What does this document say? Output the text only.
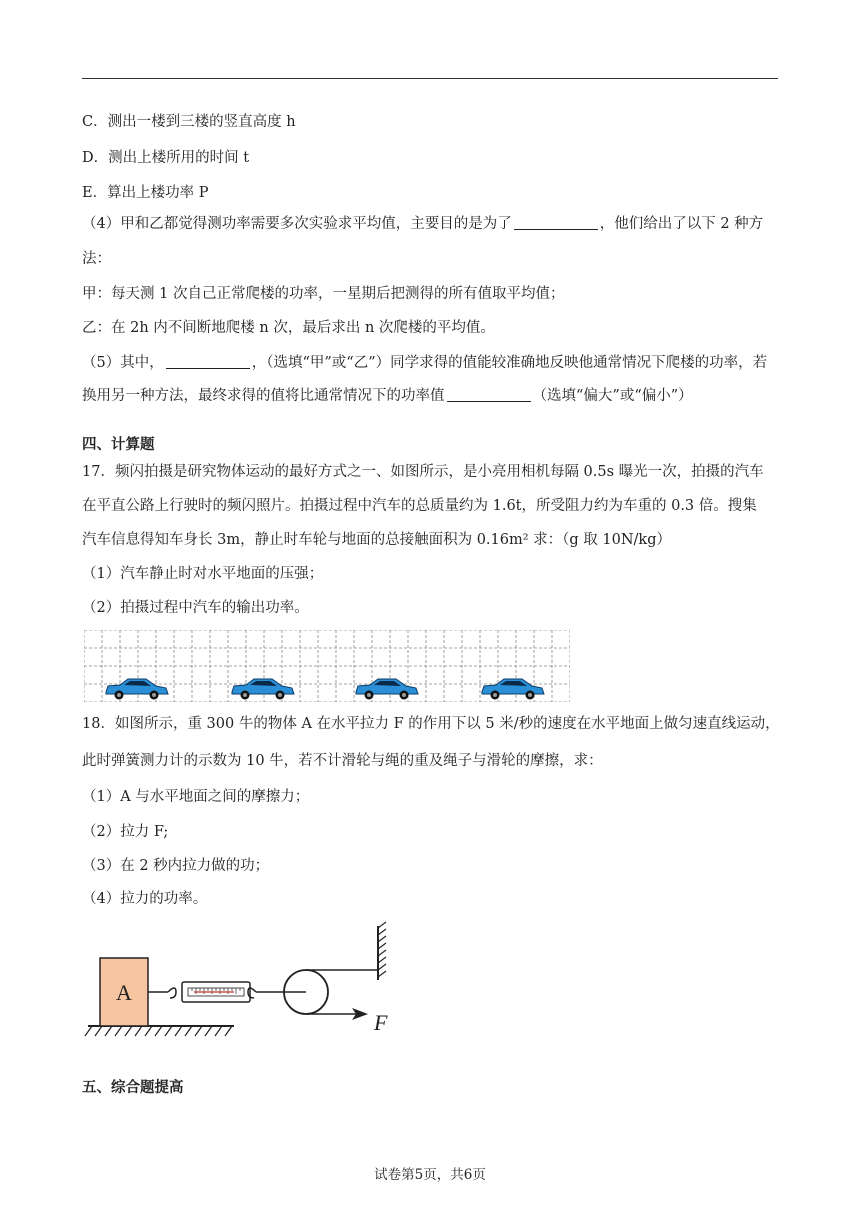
C．测出一楼到三楼的竖直高度 h
D．测出上楼所用的时间 t
E．算出上楼功率 P
（4）甲和乙都觉得测功率需要多次实验求平均值，主要目的是为了	，他们给出了以下 2 种方
法：
甲：每天测 1 次自己正常爬楼的功率，一星期后把测得的所有值取平均值；
乙：在 2h 内不间断地爬楼 n 次，最后求出 n 次爬楼的平均值。
（5）其中，	，（选填“甲”或“乙”）同学求得的值能较准确地反映他通常情况下爬楼的功率，若
换用另一种方法，最终求得的值将比通常情况下的功率值	（选填“偏大”或“偏小”）
四、计算题
17．频闪拍摄是研究物体运动的最好方式之一、如图所示，是小亮用相机每隔 0.5s 曝光一次，拍摄的汽车
在平直公路上行驶时的频闪照片。拍摄过程中汽车的总质量约为 1.6t，所受阻力约为车重的 0.3 倍。搜集
汽车信息得知车身长 3m，静止时车轮与地面的总接触面积为 0.16m² 求：（g 取 10N/kg）
（1）汽车静止时对水平地面的压强；
（2）拍摄过程中汽车的输出功率。
18．如图所示，重 300 牛的物体 A 在水平拉力 F 的作用下以 5 米/秒的速度在水平地面上做匀速直线运动，
此时弹簧测力计的示数为 10 牛，若不计滑轮与绳的重及绳子与滑轮的摩擦，求：
（1）A 与水平地面之间的摩擦力；
（2）拉力 F;
（3）在 2 秒内拉力做的功；
（4）拉力的功率。
A
F
五、综合题提高
试卷第5页，共6页
